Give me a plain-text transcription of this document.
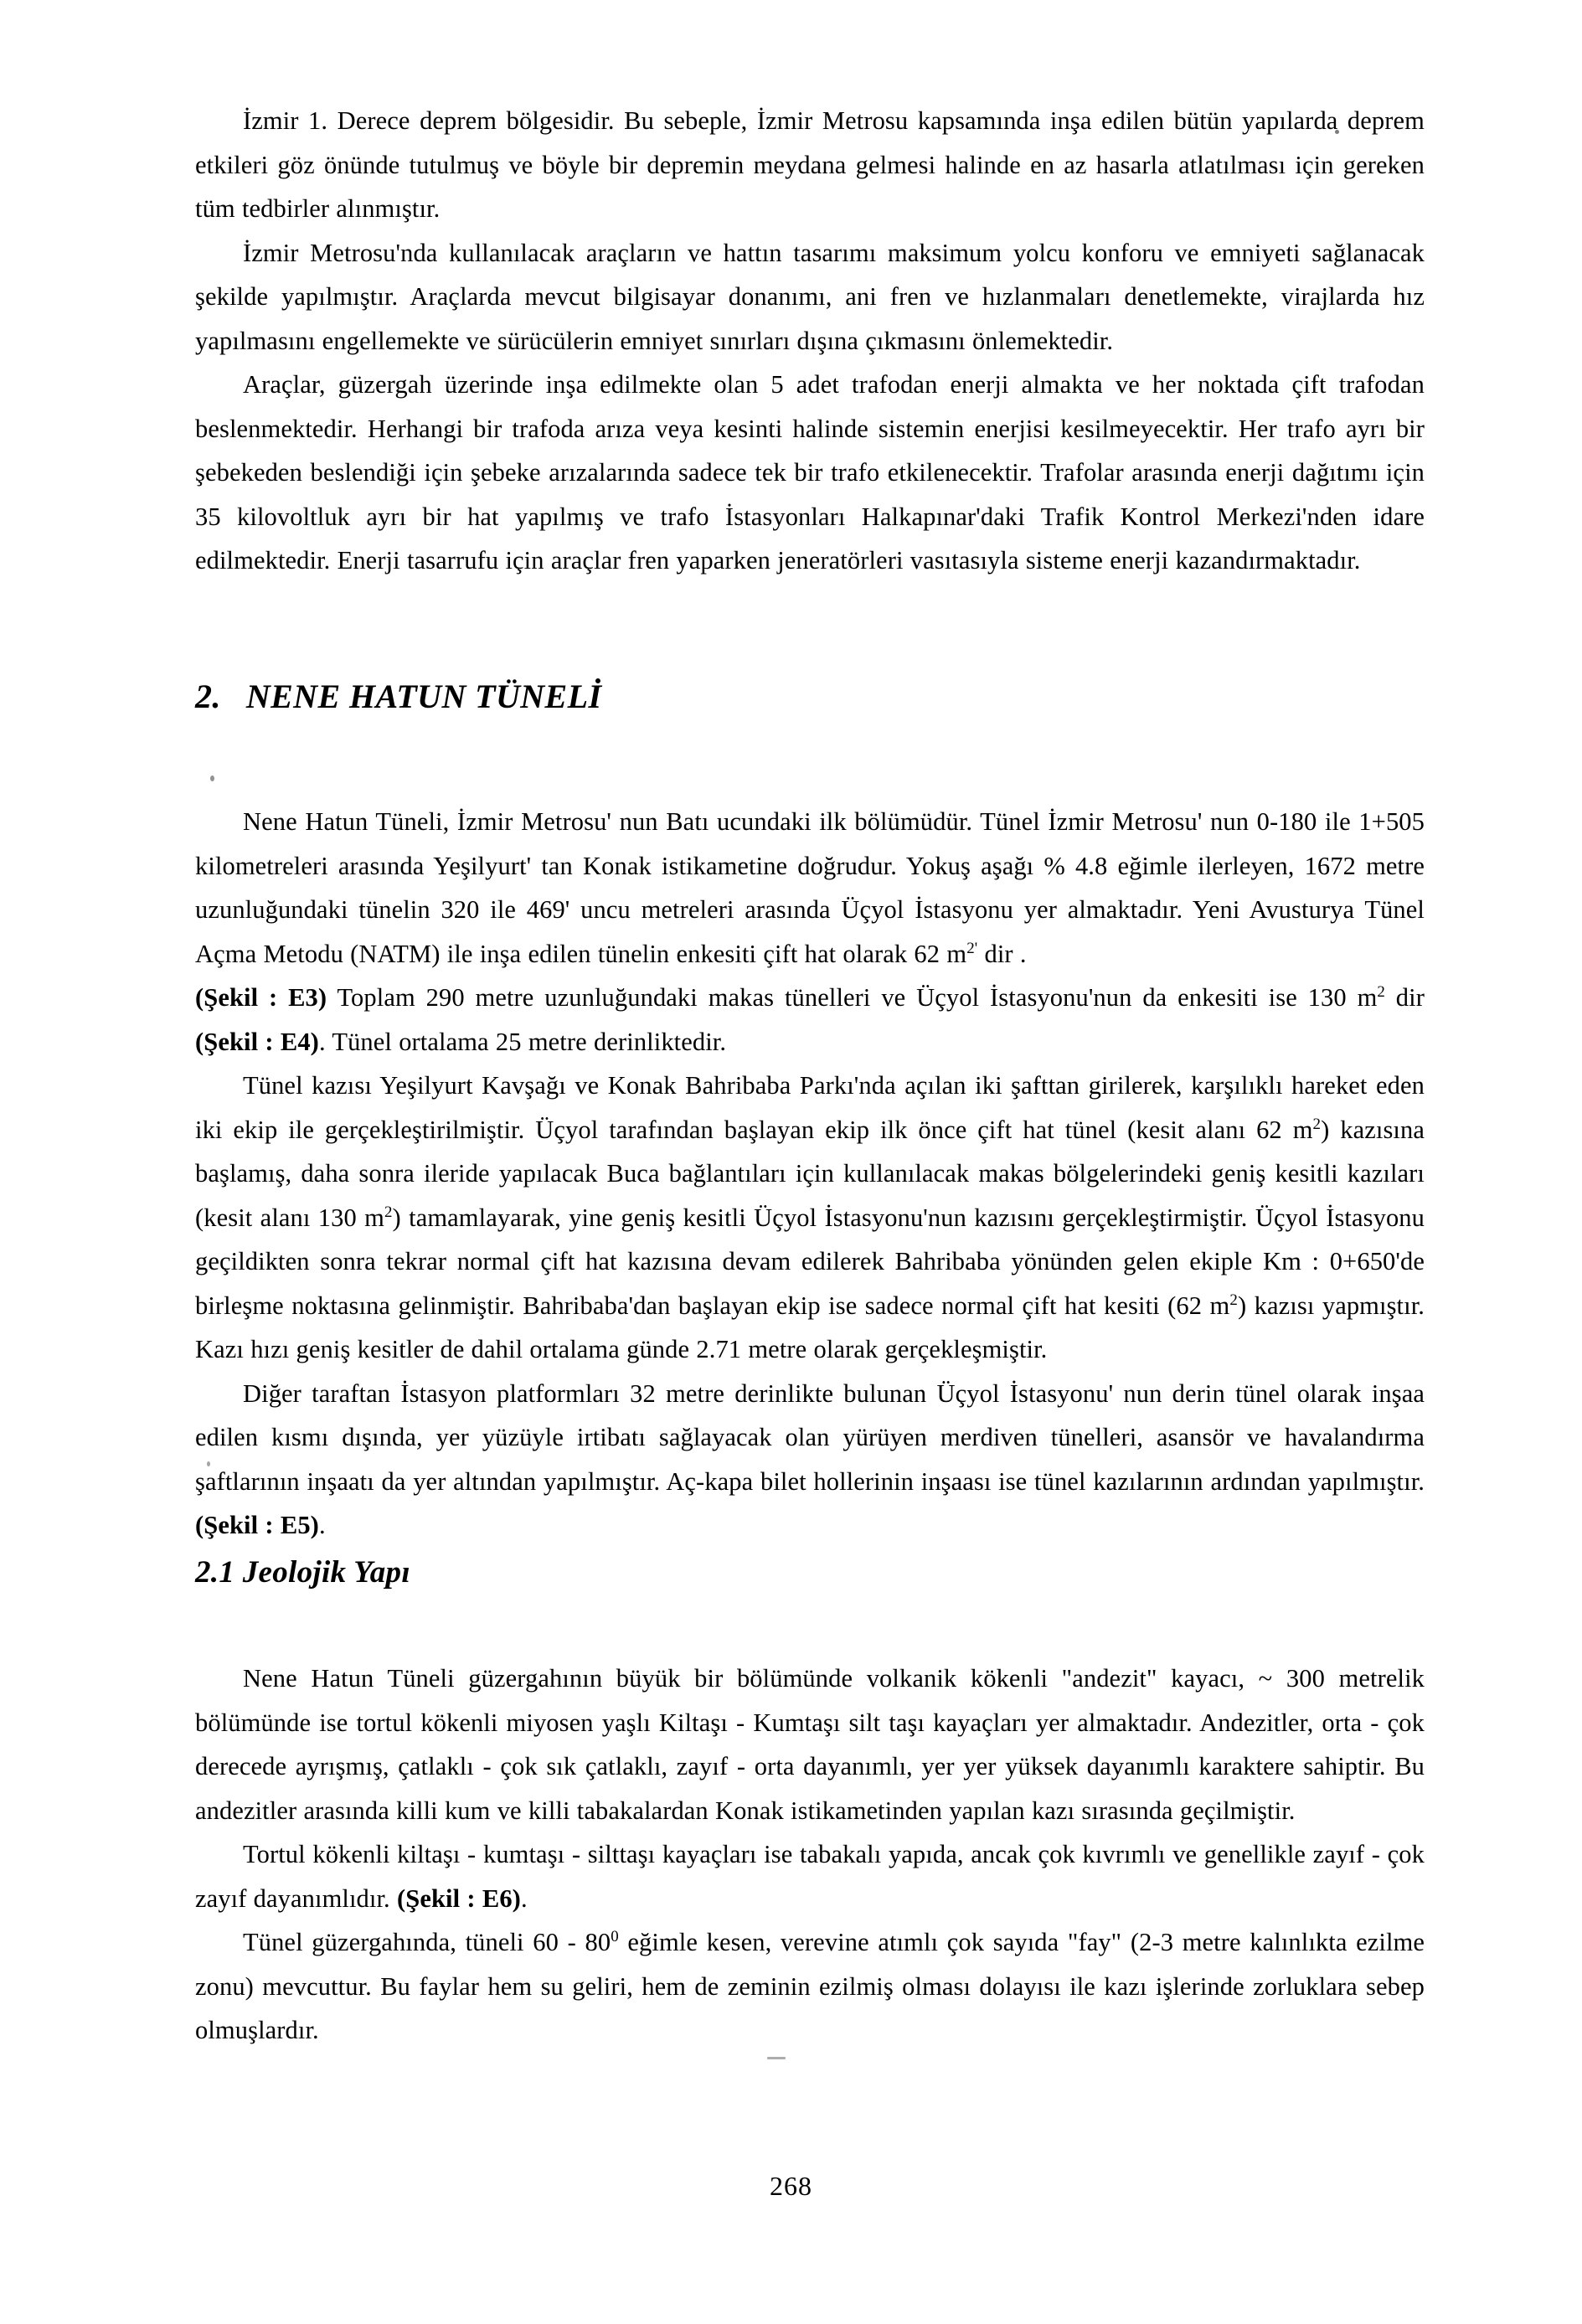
İzmir 1. Derece deprem bölgesidir. Bu sebeple, İzmir Metrosu kapsamında inşa edilen bütün yapılarda deprem etkileri göz önünde tutulmuş ve böyle bir depremin meydana gelmesi halinde en az hasarla atlatılması için gereken tüm tedbirler alınmıştır.

İzmir Metrosu'nda kullanılacak araçların ve hattın tasarımı maksimum yolcu konforu ve emniyeti sağlanacak şekilde yapılmıştır. Araçlarda mevcut bilgisayar donanımı, ani fren ve hızlanmaları denetlemekte, virajlarda hız yapılmasını engellemekte ve sürücülerin emniyet sınırları dışına çıkmasını önlemektedir.

Araçlar, güzergah üzerinde inşa edilmekte olan 5 adet trafodan enerji almakta ve her noktada çift trafodan beslenmektedir. Herhangi bir trafoda arıza veya kesinti halinde sistemin enerjisi kesilmeyecektir. Her trafo ayrı bir şebekeden beslendiği için şebeke arızalarında sadece tek bir trafo etkilenecektir. Trafolar arasında enerji dağıtımı için 35 kilovoltluk ayrı bir hat yapılmış ve trafo İstasyonları Halkapınar'daki Trafik Kontrol Merkezi'nden idare edilmektedir. Enerji tasarrufu için araçlar fren yaparken jeneratörleri vasıtasıyla sisteme enerji kazandırmaktadır.

2. NENE HATUN TÜNELİ

Nene Hatun Tüneli, İzmir Metrosu' nun Batı ucundaki ilk bölümüdür. Tünel İzmir Metrosu' nun 0-180 ile 1+505 kilometreleri arasında Yeşilyurt' tan Konak istikametine doğrudur. Yokuş aşağı % 4.8 eğimle ilerleyen, 1672 metre uzunluğundaki tünelin 320 ile 469' uncu metreleri arasında Üçyol İstasyonu yer almaktadır. Yeni Avusturya Tünel Açma Metodu (NATM) ile inşa edilen tünelin enkesiti çift hat olarak 62 $m^{2'}$ dir .

(Şekil : E3) Toplam 290 metre uzunluğundaki makas tünelleri ve Üçyol İstasyonu'nun da enkesiti ise 130 $m^2$ dir (Şekil : E4). Tünel ortalama 25 metre derinliktedir.

Tünel kazısı Yeşilyurt Kavşağı ve Konak Bahribaba Parkı'nda açılan iki şafttan girilerek, karşılıklı hareket eden iki ekip ile gerçekleştirilmiştir. Üçyol tarafından başlayan ekip ilk önce çift hat tünel (kesit alanı 62 $m^2$) kazısına başlamış, daha sonra ileride yapılacak Buca bağlantıları için kullanılacak makas bölgelerindeki geniş kesitli kazıları (kesit alanı 130 $m^2$) tamamlayarak, yine geniş kesitli Üçyol İstasyonu'nun kazısını gerçekleştirmiştir. Üçyol İstasyonu geçildikten sonra tekrar normal çift hat kazısına devam edilerek Bahribaba yönünden gelen ekiple Km : 0+650'de birleşme noktasına gelinmiştir. Bahribaba'dan başlayan ekip ise sadece normal çift hat kesiti (62 $m^2$) kazısı yapmıştır. Kazı hızı geniş kesitler de dahil ortalama günde 2.71 metre olarak gerçekleşmiştir.

Diğer taraftan İstasyon platformları 32 metre derinlikte bulunan Üçyol İstasyonu' nun derin tünel olarak inşaa edilen kısmı dışında, yer yüzüyle irtibatı sağlayacak olan yürüyen merdiven tünelleri, asansör ve havalandırma şaftlarının inşaatı da yer altından yapılmıştır. Aç-kapa bilet hollerinin inşaası ise tünel kazılarının ardından yapılmıştır. (Şekil : E5).

2.1 Jeolojik Yapı

Nene Hatun Tüneli güzergahının büyük bir bölümünde volkanik kökenli "andezit" kayacı, ~ 300 metrelik bölümünde ise tortul kökenli miyosen yaşlı Kiltaşı - Kumtaşı silt taşı kayaçları yer almaktadır. Andezitler, orta - çok derecede ayrışmış, çatlaklı - çok sık çatlaklı, zayıf - orta dayanımlı, yer yer yüksek dayanımlı karaktere sahiptir. Bu andezitler arasında killi kum ve killi tabakalardan Konak istikametinden yapılan kazı sırasında geçilmiştir.

Tortul kökenli kiltaşı - kumtaşı - silttaşı kayaçları ise tabakalı yapıda, ancak çok kıvrımlı ve genellikle zayıf - çok zayıf dayanımlıdır. (Şekil : E6).

Tünel güzergahında, tüneli $60 - 80^0$ eğimle kesen, verevine atımlı çok sayıda "fay" (2-3 metre kalınlıkta ezilme zonu) mevcuttur. Bu faylar hem su geliri, hem de zeminin ezilmiş olması dolayısı ile kazı işlerinde zorluklara sebep olmuşlardır.

268
